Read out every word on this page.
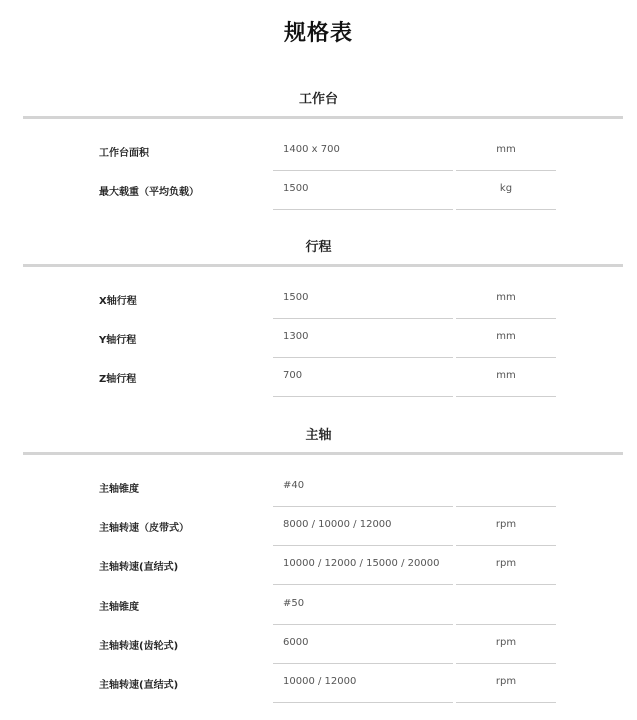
规格表
工作台
工作台面积	1400 x 700	mm
最大载重（平均负载）	1500	kg
行程
X轴行程	1500	mm
Y轴行程	1300	mm
Z轴行程	700	mm
主轴
主轴锥度	#40
主轴转速（皮带式）	8000 / 10000 / 12000	rpm
主轴转速(直结式)	10000 / 12000 / 15000 / 20000	rpm
主轴锥度	#50
主轴转速(齿轮式)	6000	rpm
主轴转速(直结式)	10000 / 12000	rpm
